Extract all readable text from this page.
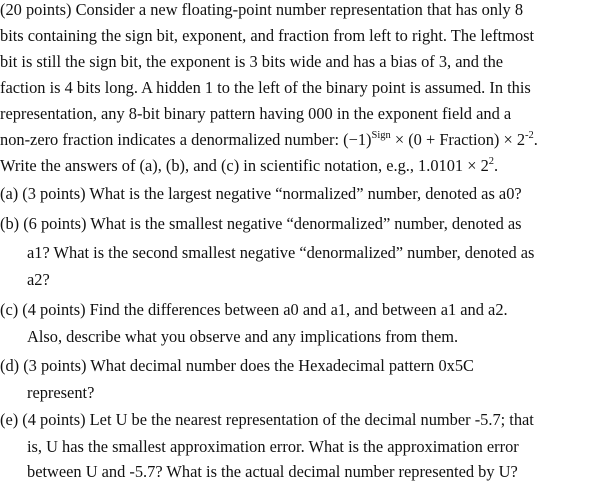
(20 points) Consider a new floating-point number representation that has only 8
bits containing the sign bit, exponent, and fraction from left to right. The leftmost
bit is still the sign bit, the exponent is 3 bits wide and has a bias of 3, and the
faction is 4 bits long. A hidden 1 to the left of the binary point is assumed. In this
representation, any 8-bit binary pattern having 000 in the exponent field and a
non-zero fraction indicates a denormalized number: $(-1)^{Sign} \times (0$ + Fraction) × $2^{-2}$.
Write the answers of (a), (b), and (c) in scientific notation, e.g., $1.0101 \times 2^2$.
(a) (3 points) What is the largest negative “normalized” number, denoted as a0?
(b) (6 points) What is the smallest negative “denormalized” number, denoted as
a1? What is the second smallest negative “denormalized” number, denoted as
a2?
(c) (4 points) Find the differences between a0 and a1, and between a1 and a2.
Also, describe what you observe and any implications from them.
(d) (3 points) What decimal number does the Hexadecimal pattern 0x5C
represent?
(e) (4 points) Let U be the nearest representation of the decimal number -5.7; that
is, U has the smallest approximation error. What is the approximation error
between U and -5.7? What is the actual decimal number represented by U?
